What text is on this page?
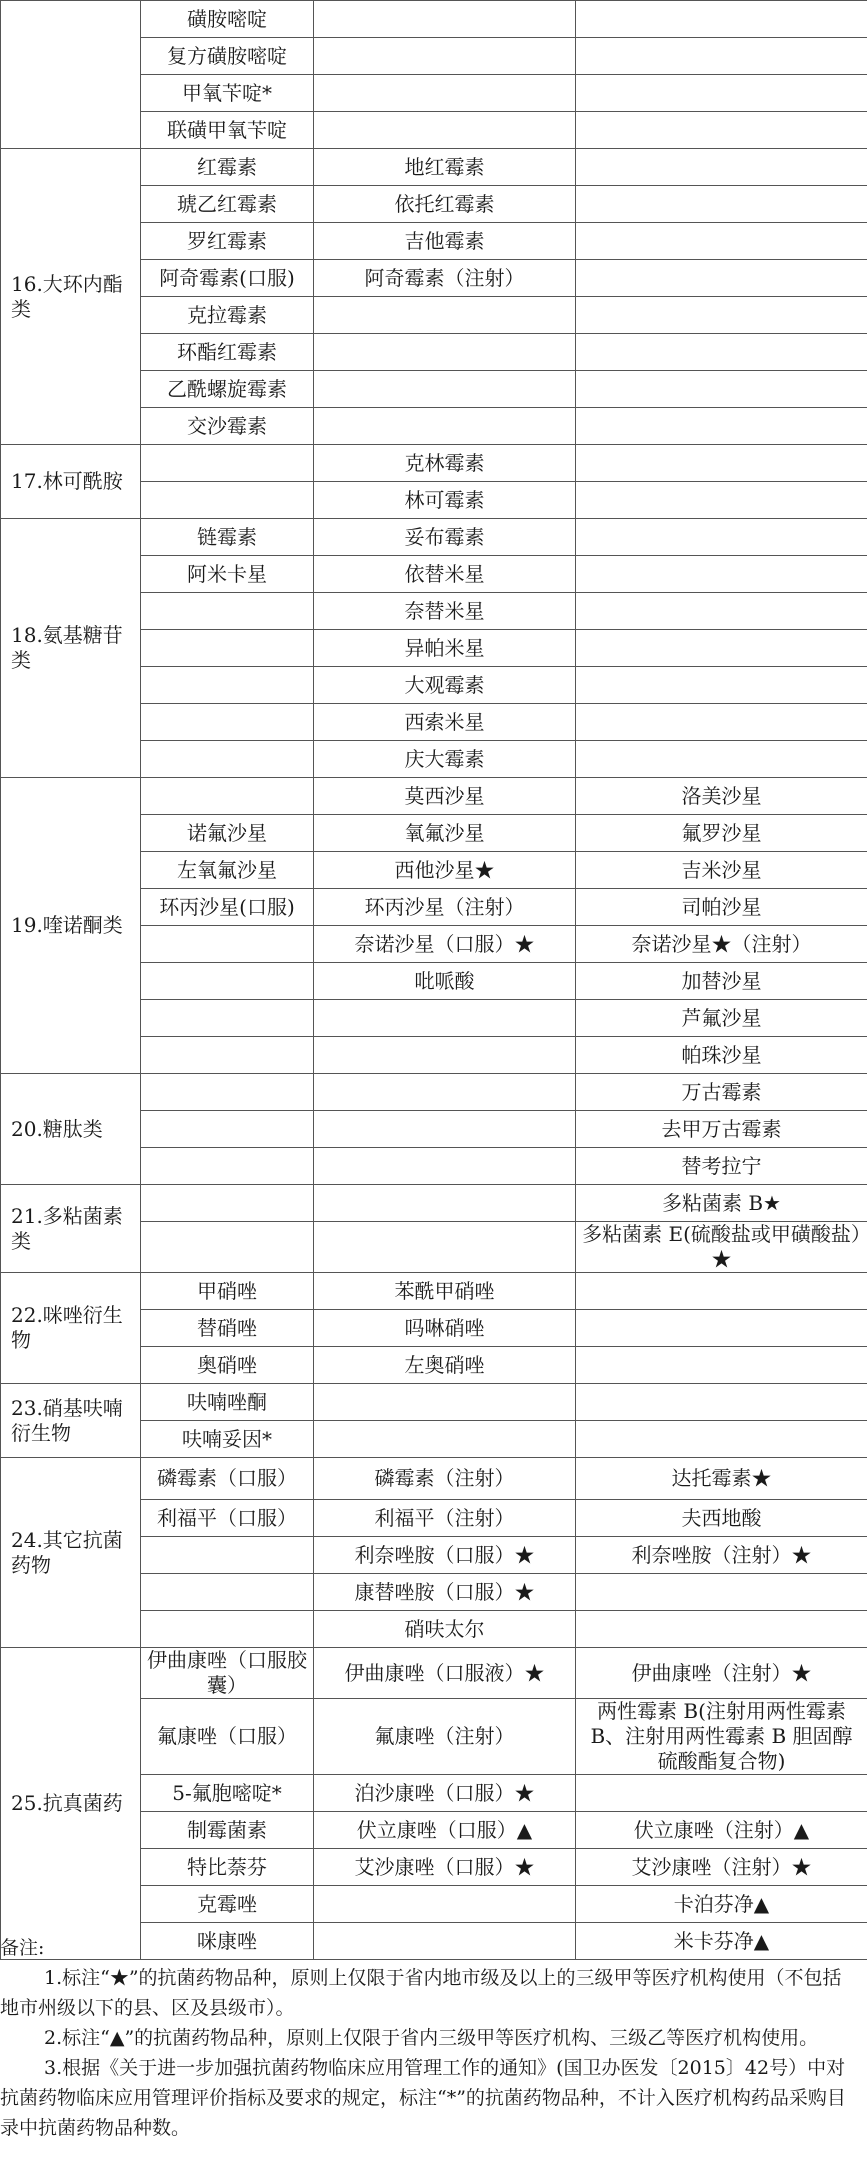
	磺胺嘧啶		
	复方磺胺嘧啶		
	甲氧苄啶*		
	联磺甲氧苄啶		
16.大环内酯类	红霉素	地红霉素	
	琥乙红霉素	依托红霉素	
	罗红霉素	吉他霉素	
	阿奇霉素(口服)	阿奇霉素（注射）	
	克拉霉素		
	环酯红霉素		
	乙酰螺旋霉素		
	交沙霉素		
17.林可酰胺		克林霉素	
		林可霉素	
18.氨基糖苷类	链霉素	妥布霉素	
	阿米卡星	依替米星	
		奈替米星	
		异帕米星	
		大观霉素	
		西索米星	
		庆大霉素	
19.喹诺酮类		莫西沙星	洛美沙星
	诺氟沙星	氧氟沙星	氟罗沙星
	左氧氟沙星	西他沙星★	吉米沙星
	环丙沙星(口服)	环丙沙星（注射）	司帕沙星
		奈诺沙星（口服）★	奈诺沙星★（注射）
		吡哌酸	加替沙星
			芦氟沙星
			帕珠沙星
20.糖肽类			万古霉素
			去甲万古霉素
			替考拉宁
21.多粘菌素类			多粘菌素 B★
			多粘菌素 E(硫酸盐或甲磺酸盐）★
22.咪唑衍生物	甲硝唑	苯酰甲硝唑	
	替硝唑	吗啉硝唑	
	奥硝唑	左奥硝唑	
23.硝基呋喃衍生物	呋喃唑酮		
	呋喃妥因*		
24.其它抗菌药物	磷霉素（口服）	磷霉素（注射）	达托霉素★
	利福平（口服）	利福平（注射）	夫西地酸
		利奈唑胺（口服）★	利奈唑胺（注射）★
		康替唑胺（口服）★	
		硝呋太尔	
25.抗真菌药	伊曲康唑（口服胶囊）	伊曲康唑（口服液）★	伊曲康唑（注射）★
	氟康唑（口服）	氟康唑（注射）	两性霉素 B(注射用两性霉素B、注射用两性霉素 B 胆固醇硫酸酯复合物)
	5-氟胞嘧啶*	泊沙康唑（口服）★	
	制霉菌素	伏立康唑（口服）▲	伏立康唑（注射）▲
	特比萘芬	艾沙康唑（口服）★	艾沙康唑（注射）★
	克霉唑		卡泊芬净▲
	咪康唑		米卡芬净▲

备注:

1.标注“★”的抗菌药物品种，原则上仅限于省内地市级及以上的三级甲等医疗机构使用（不包括地市州级以下的县、区及县级市）。

2.标注“▲”的抗菌药物品种，原则上仅限于省内三级甲等医疗机构、三级乙等医疗机构使用。

3.根据《关于进一步加强抗菌药物临床应用管理工作的通知》(国卫办医发〔2015〕42号）中对抗菌药物临床应用管理评价指标及要求的规定，标注“*”的抗菌药物品种，不计入医疗机构药品采购目录中抗菌药物品种数。
